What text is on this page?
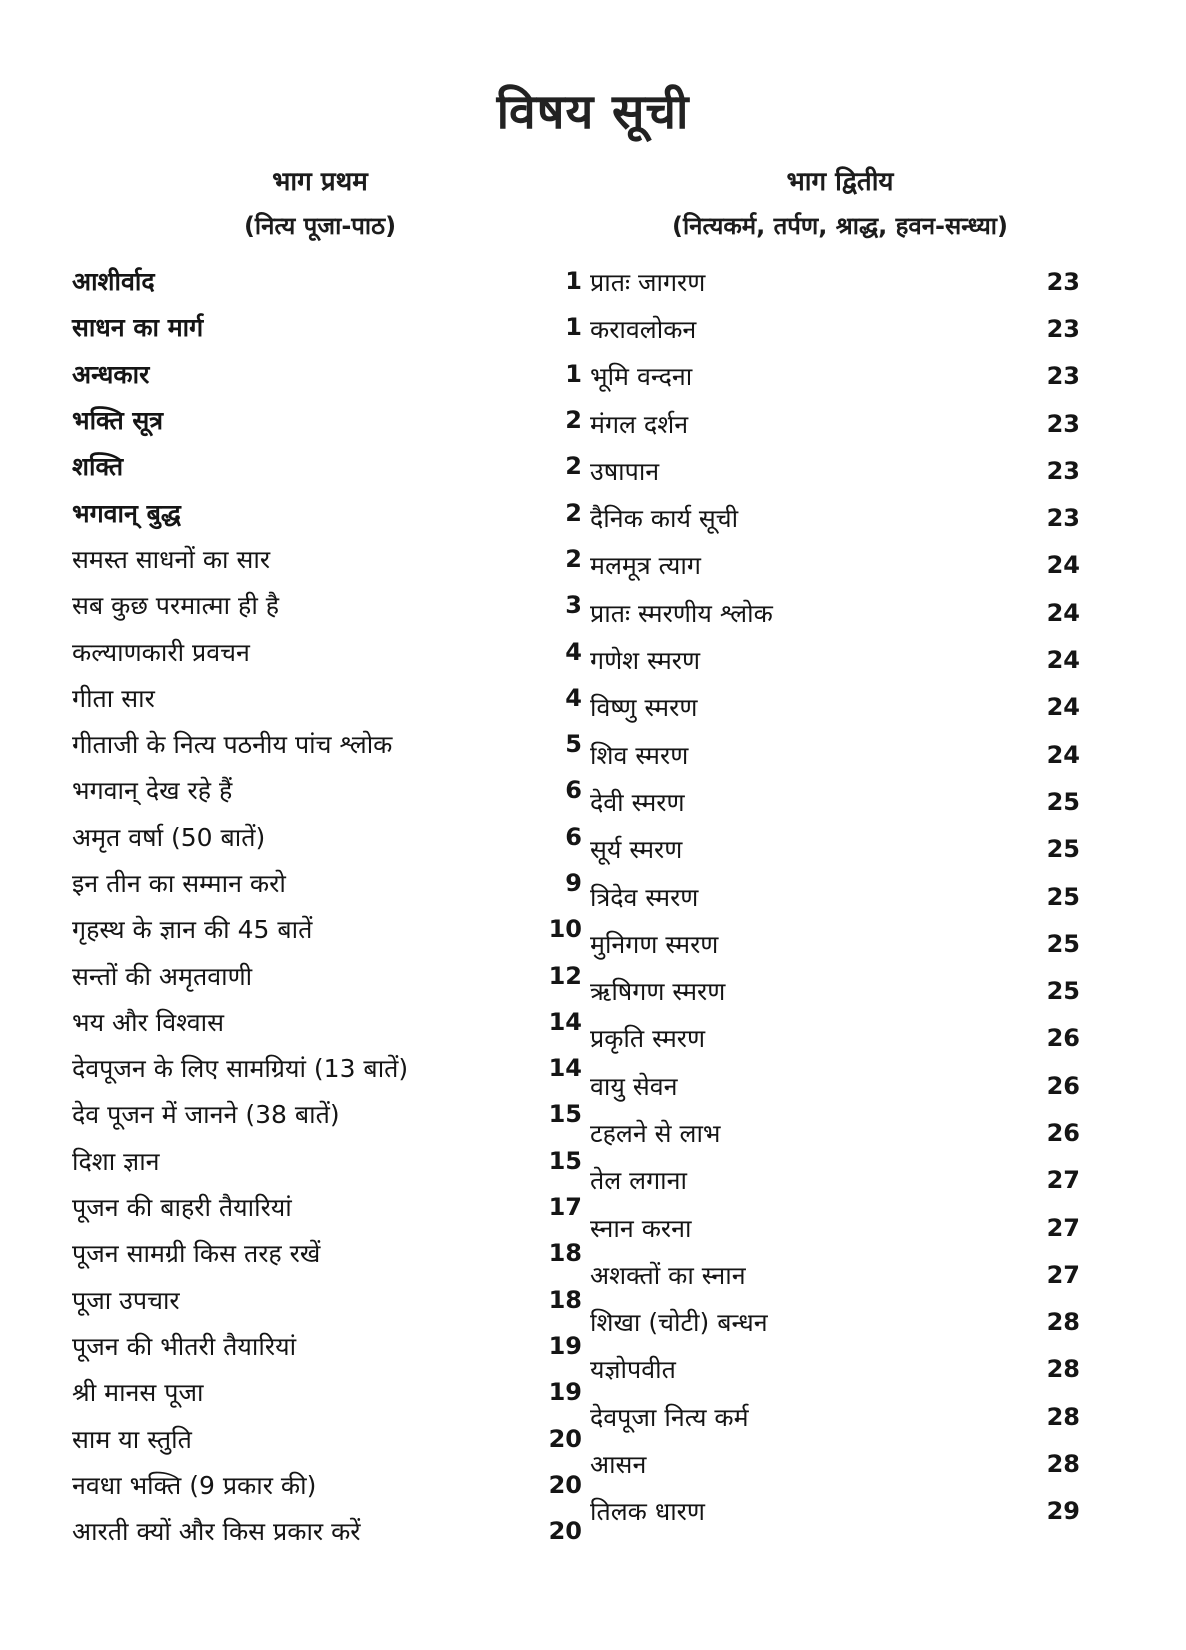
विषय सूची
भाग प्रथम
(नित्य पूजा-पाठ)
भाग द्वितीय
(नित्यकर्म, तर्पण, श्राद्ध, हवन-सन्ध्या)
आशीर्वाद	1
साधन का मार्ग	1
अन्धकार	1
भक्ति सूत्र	2
शक्ति	2
भगवान् बुद्ध	2
समस्त साधनों का सार	2
सब कुछ परमात्मा ही है	3
कल्याणकारी प्रवचन	4
गीता सार	4
गीताजी के नित्य पठनीय पांच श्लोक	5
भगवान् देख रहे हैं	6
अमृत वर्षा (50 बातें)	6
इन तीन का सम्मान करो	9
गृहस्थ के ज्ञान की 45 बातें	10
सन्तों की अमृतवाणी	12
भय और विश्वास	14
देवपूजन के लिए सामग्रियां (13 बातें)	14
देव पूजन में जानने (38 बातें)	15
दिशा ज्ञान	15
पूजन की बाहरी तैयारियां	17
पूजन सामग्री किस तरह रखें	18
पूजा उपचार	18
पूजन की भीतरी तैयारियां	19
श्री मानस पूजा	19
साम या स्तुति	20
नवधा भक्ति (9 प्रकार की)	20
आरती क्यों और किस प्रकार करें	20
प्रातः जागरण	23
करावलोकन	23
भूमि वन्दना	23
मंगल दर्शन	23
उषापान	23
दैनिक कार्य सूची	23
मलमूत्र त्याग	24
प्रातः स्मरणीय श्लोक	24
गणेश स्मरण	24
विष्णु स्मरण	24
शिव स्मरण	24
देवी स्मरण	25
सूर्य स्मरण	25
त्रिदेव स्मरण	25
मुनिगण स्मरण	25
ऋषिगण स्मरण	25
प्रकृति स्मरण	26
वायु सेवन	26
टहलने से लाभ	26
तेल लगाना	27
स्नान करना	27
अशक्तों का स्नान	27
शिखा (चोटी) बन्धन	28
यज्ञोपवीत	28
देवपूजा नित्य कर्म	28
आसन	28
तिलक धारण	29
